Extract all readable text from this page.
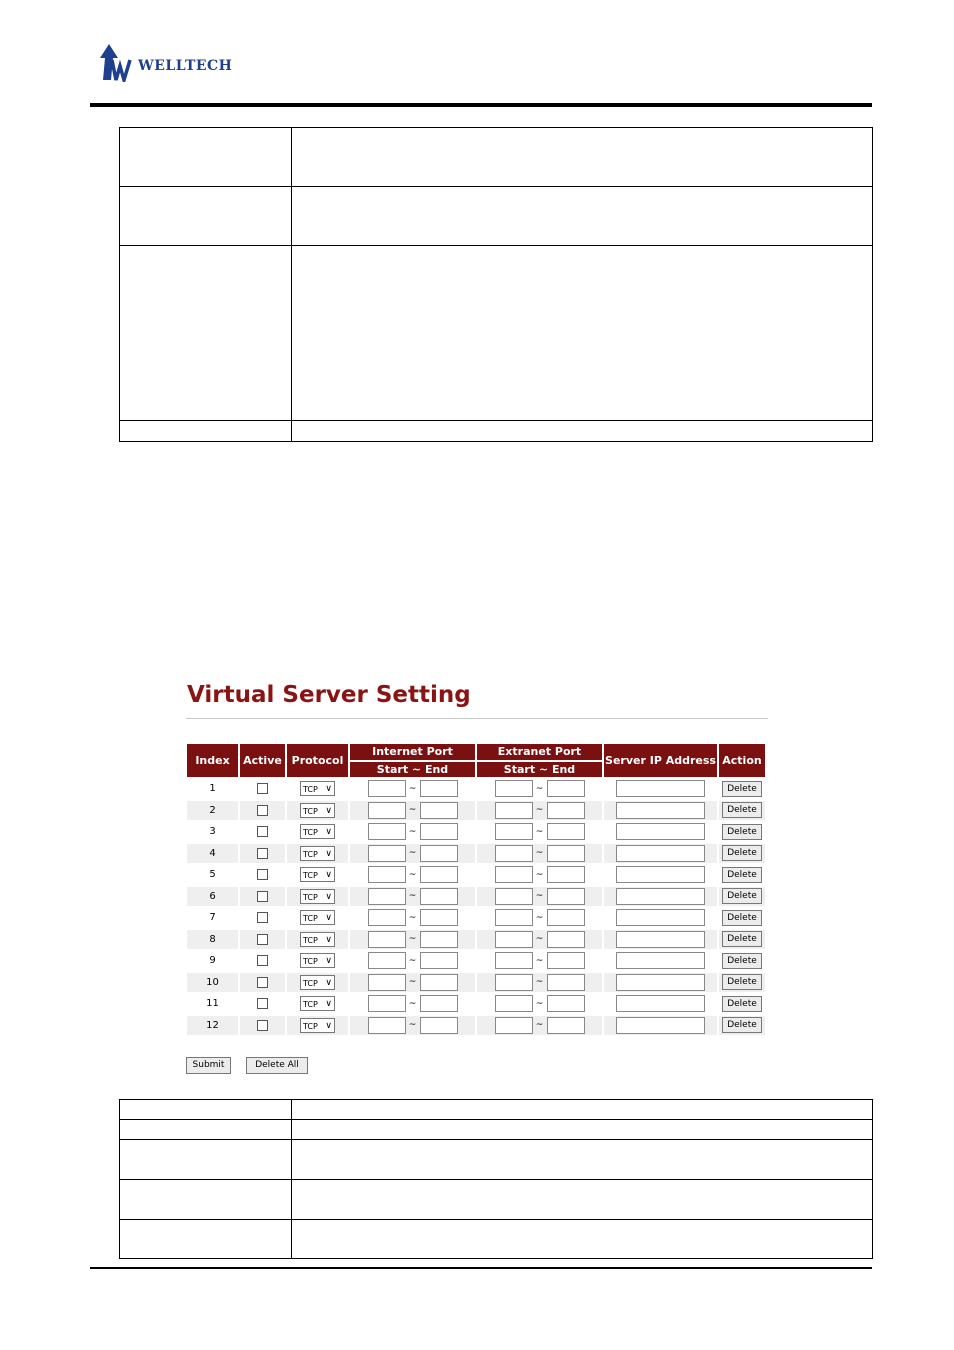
WELLTECH

Virtual Server Setting
Index	Active	Protocol	Internet Port	Extranet Port	Server IP Address	Action
			Start ~ End	Start ~ End		
1		TCP ∨	~	~		Delete
2		TCP ∨	~	~		Delete
3		TCP ∨	~	~		Delete
4		TCP ∨	~	~		Delete
5		TCP ∨	~	~		Delete
6		TCP ∨	~	~		Delete
7		TCP ∨	~	~		Delete
8		TCP ∨	~	~		Delete
9		TCP ∨	~	~		Delete
10		TCP ∨	~	~		Delete
11		TCP ∨	~	~		Delete
12		TCP ∨	~	~		Delete
Submit	Delete All
